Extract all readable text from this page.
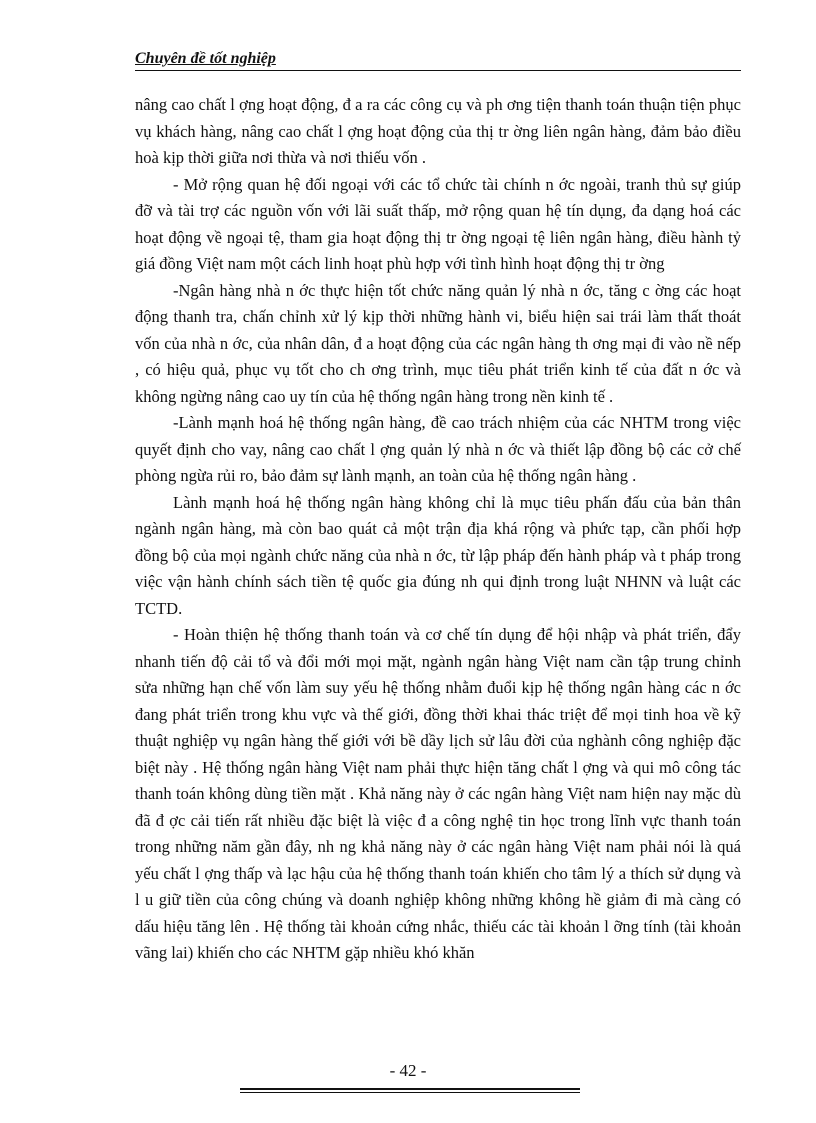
Chuyên đề tốt nghiệp

nâng cao chất l ợng hoạt động, đ a ra các công cụ và ph ơng tiện thanh toán thuận tiện phục vụ khách hàng, nâng cao chất l ợng hoạt động của thị tr ờng liên ngân hàng, đảm bảo điều hoà kịp thời giữa nơi thừa và nơi thiếu vốn .

- Mở rộng quan hệ đối ngoại với các tổ chức tài chính n ớc ngoài, tranh thủ sự giúp đỡ và tài trợ các nguồn vốn với lãi suất thấp, mở rộng quan hệ tín dụng, đa dạng hoá các hoạt động về ngoại tệ, tham gia hoạt động thị tr ờng ngoại tệ liên ngân hàng, điều hành tỷ giá đồng Việt nam một cách linh hoạt phù hợp với tình hình hoạt động thị tr ờng

-Ngân hàng nhà n ớc thực hiện tốt chức năng quản lý nhà n ớc, tăng c ờng các hoạt động thanh tra, chấn chỉnh xử lý kịp thời những hành vi, biểu hiện sai trái làm thất thoát vốn của nhà n ớc, của nhân dân, đ a hoạt động của các ngân hàng th ơng mại đi vào nề nếp , có hiệu quả, phục vụ tốt cho ch ơng trình, mục tiêu phát triển kinh tế của đất n ớc và không ngừng nâng cao uy tín của hệ thống ngân hàng trong nền kinh tế .

-Lành mạnh hoá hệ thống ngân hàng, đề cao trách nhiệm của các NHTM trong việc quyết định cho vay, nâng cao chất l ợng quản lý nhà n ớc và thiết lập đồng bộ các cở chế phòng ngừa rủi ro, bảo đảm sự lành mạnh, an toàn của hệ thống ngân hàng .

Lành mạnh hoá hệ thống ngân hàng không chỉ là mục tiêu phấn đấu của bản thân ngành ngân hàng, mà còn bao quát cả một trận địa khá rộng và phức tạp, cần phối hợp đồng bộ của mọi ngành chức năng của nhà n ớc, từ lập pháp đến hành pháp và t pháp trong việc vận hành chính sách tiền tệ quốc gia đúng nh qui định trong luật NHNN và luật các TCTD.

- Hoàn thiện hệ thống thanh toán và cơ chế tín dụng để hội nhập và phát triển, đẩy nhanh tiến độ cải tổ và đổi mới mọi mặt, ngành ngân hàng Việt nam cần tập trung chỉnh sửa những hạn chế vốn làm suy yếu hệ thống nhằm đuổi kịp hệ thống ngân hàng các n ớc đang phát triển trong khu vực và thế giới, đồng thời khai thác triệt để mọi tinh hoa về kỹ thuật nghiệp vụ ngân hàng thế giới với bề dầy lịch sử lâu đời của nghành công nghiệp đặc biệt này . Hệ thống ngân hàng Việt nam phải thực hiện tăng chất l ợng và qui mô công tác thanh toán không dùng tiền mặt . Khả năng này ở các ngân hàng Việt nam hiện nay mặc dù đã đ ợc cải tiến rất nhiều đặc biệt là việc đ a công nghệ tin học trong lĩnh vực thanh toán trong những năm gần đây, nh ng khả năng này ở các ngân hàng Việt nam phải nói là quá yếu chất l ợng thấp và lạc hậu của hệ thống thanh toán khiến cho tâm lý a thích sử dụng và l u giữ tiền của công chúng và doanh nghiệp không những không hề giảm đi mà càng có dấu hiệu tăng lên . Hệ thống tài khoản cứng nhắc, thiếu các tài khoản l ỡng tính (tài khoản vãng lai) khiến cho các NHTM gặp nhiều khó khăn

- 42 -
